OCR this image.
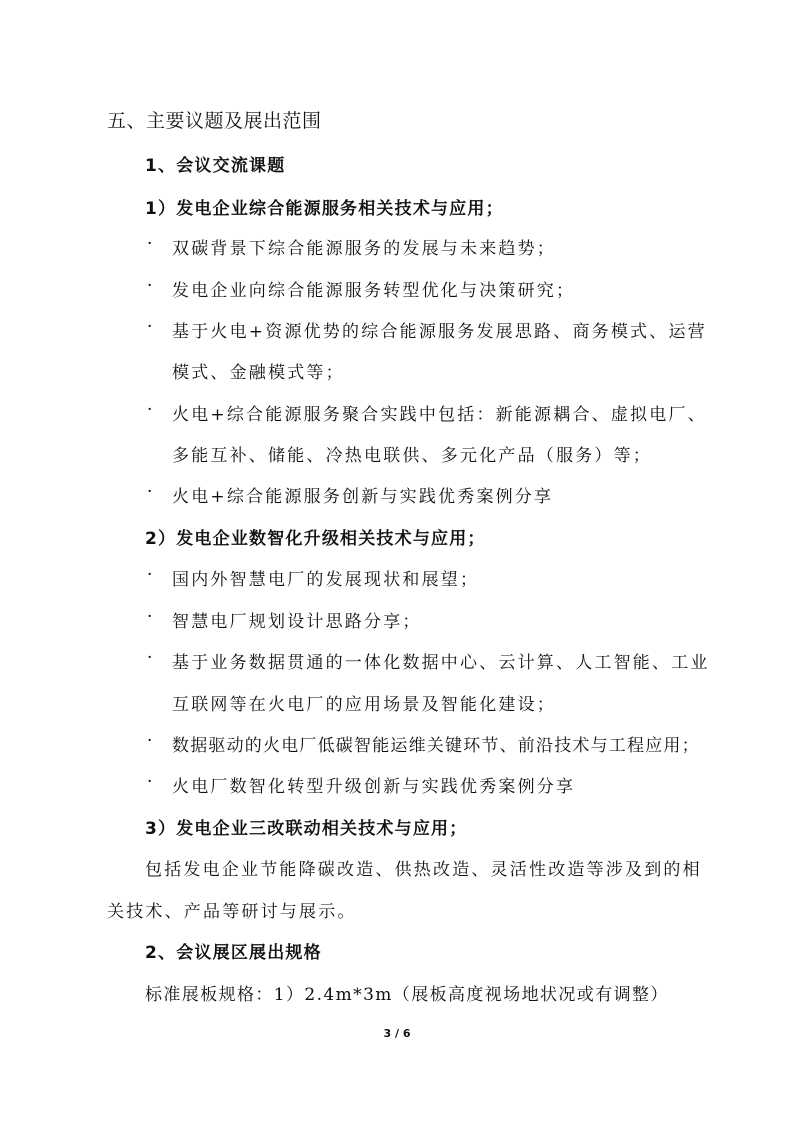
五、主要议题及展出范围
1、会议交流课题
1）发电企业综合能源服务相关技术与应用；
· 双碳背景下综合能源服务的发展与未来趋势；
· 发电企业向综合能源服务转型优化与决策研究；
· 基于火电+资源优势的综合能源服务发展思路、商务模式、运营
模式、金融模式等；
· 火电+综合能源服务聚合实践中包括：新能源耦合、虚拟电厂、
多能互补、储能、冷热电联供、多元化产品（服务）等；
· 火电+综合能源服务创新与实践优秀案例分享
2）发电企业数智化升级相关技术与应用；
· 国内外智慧电厂的发展现状和展望；
· 智慧电厂规划设计思路分享；
· 基于业务数据贯通的一体化数据中心、云计算、人工智能、工业
互联网等在火电厂的应用场景及智能化建设；
· 数据驱动的火电厂低碳智能运维关键环节、前沿技术与工程应用；
· 火电厂数智化转型升级创新与实践优秀案例分享
3）发电企业三改联动相关技术与应用；
包括发电企业节能降碳改造、供热改造、灵活性改造等涉及到的相
关技术、产品等研讨与展示。
2、会议展区展出规格
标准展板规格：1）2.4m*3m（展板高度视场地状况或有调整）
3 / 6
